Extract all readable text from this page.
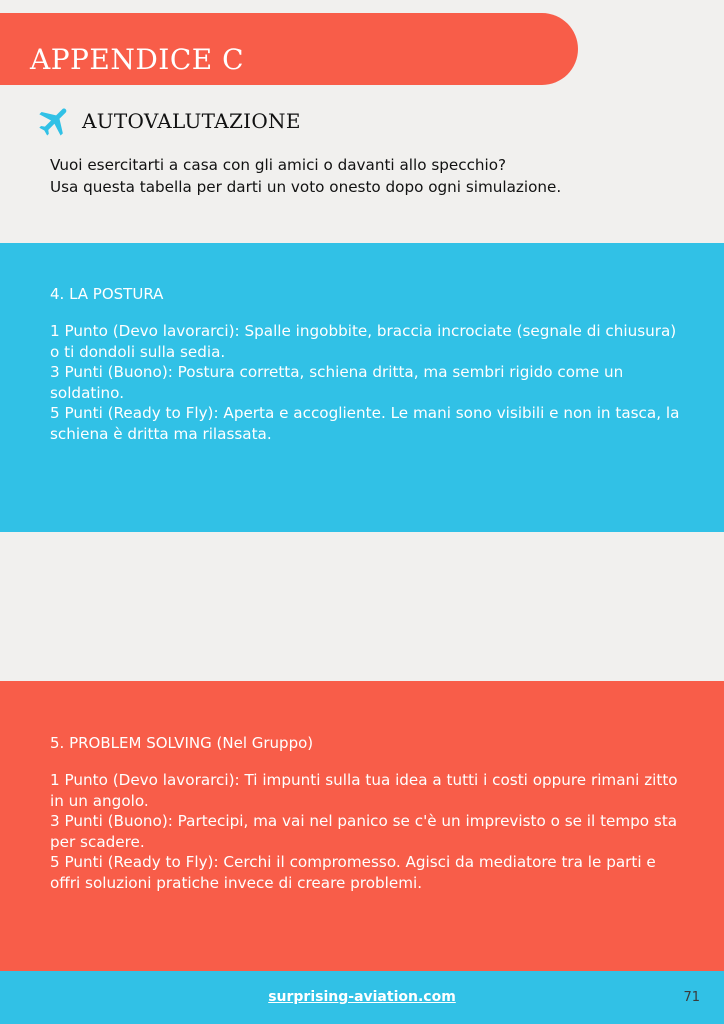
APPENDICE C
AUTOVALUTAZIONE

Vuoi esercitarti a casa con gli amici o davanti allo specchio?

Usa questa tabella per darti un voto onesto dopo ogni simulazione.

4. LA POSTURA

1 Punto (Devo lavorarci): Spalle ingobbite, braccia incrociate (segnale di chiusura) o ti dondoli sulla sedia.

3 Punti (Buono): Postura corretta, schiena dritta, ma sembri rigido come un soldatino.

5 Punti (Ready to Fly): Aperta e accogliente. Le mani sono visibili e non in tasca, la schiena è dritta ma rilassata.

5. PROBLEM SOLVING (Nel Gruppo)

1 Punto (Devo lavorarci): Ti impunti sulla tua idea a tutti i costi oppure rimani zitto in un angolo.

3 Punti (Buono): Partecipi, ma vai nel panico se c'è un imprevisto o se il tempo sta per scadere.

5 Punti (Ready to Fly): Cerchi il compromesso. Agisci da mediatore tra le parti e offri soluzioni pratiche invece di creare problemi.

surprising-aviation.com	71
